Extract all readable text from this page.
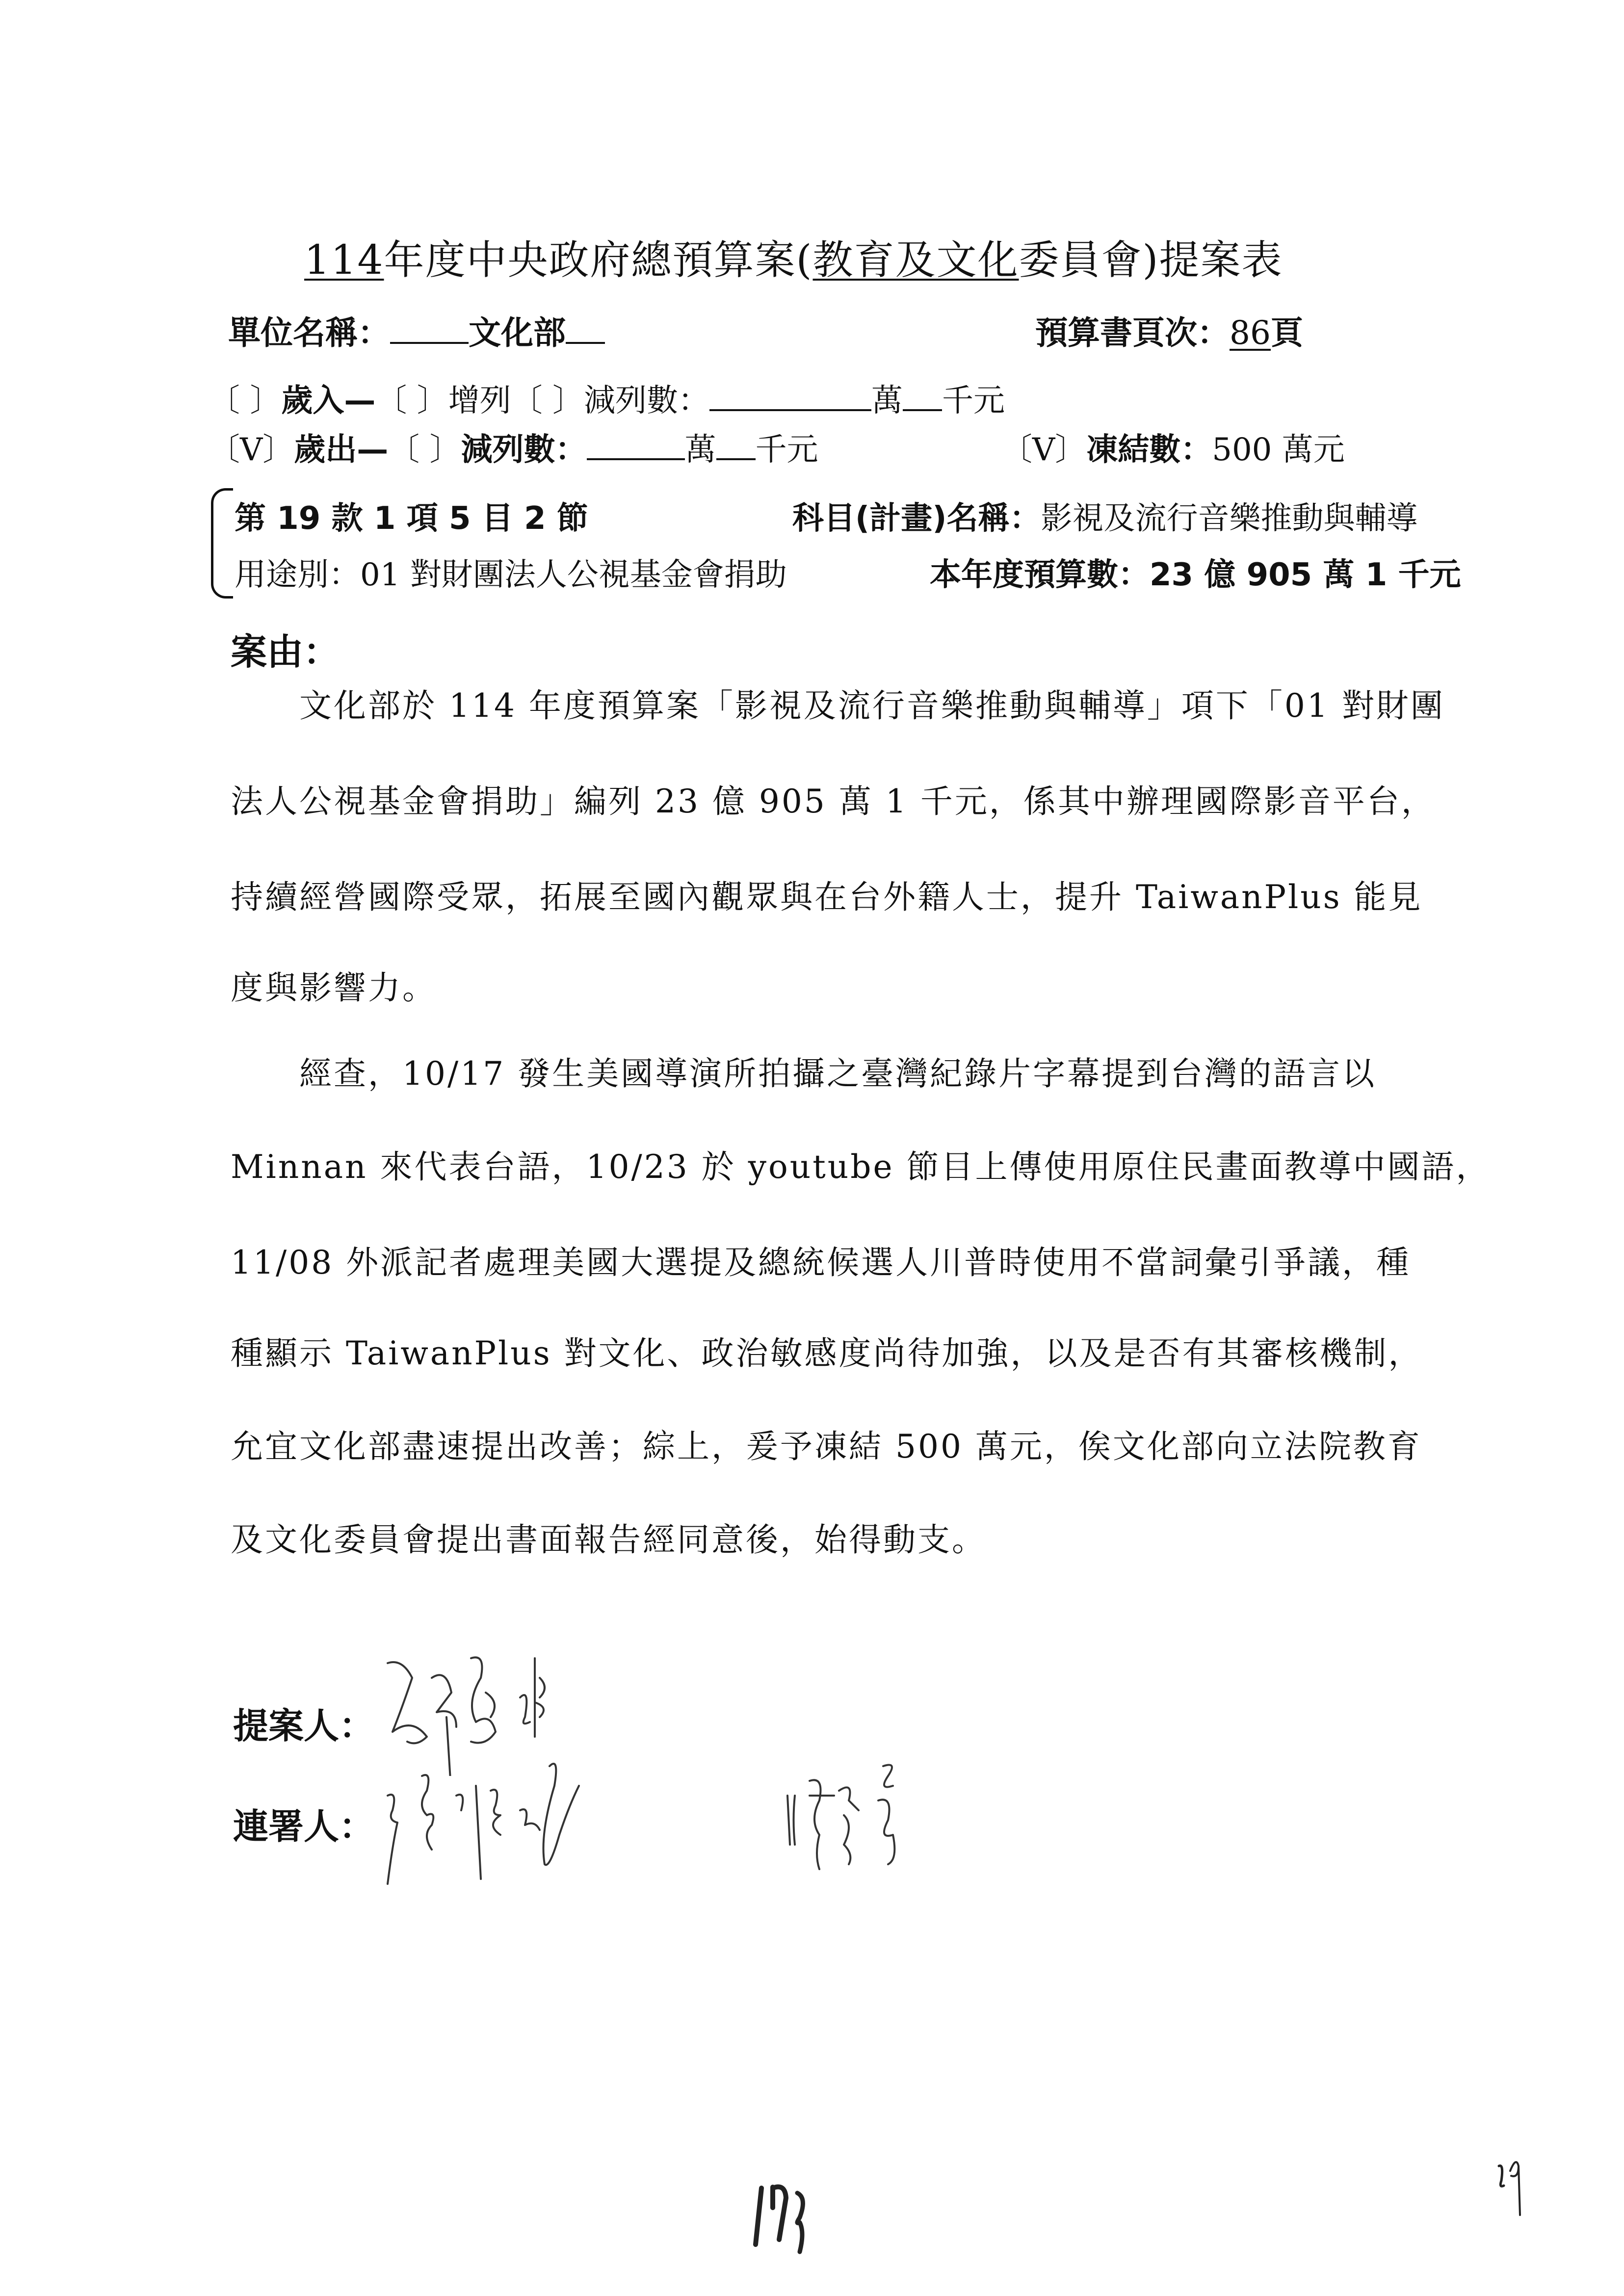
114年度中央政府總預算案(教育及文化委員會)提案表
單位名稱： 文化部	預算書頁次：86頁
〔 〕歲入—〔 〕增列〔 〕減列數：	萬 千元
〔V〕歲出—〔 〕減列數：	萬 千元	〔V〕凍結數：500 萬元
第 19 款 1 項 5 目 2 節	科目(計畫)名稱：影視及流行音樂推動與輔導
用途別：01 對財團法人公視基金會捐助	本年度預算數：23 億 905 萬 1 千元
案由：
文化部於 114 年度預算案「影視及流行音樂推動與輔導」項下「01 對財團
法人公視基金會捐助」編列 23 億 905 萬 1 千元，係其中辦理國際影音平台，
持續經營國際受眾，拓展至國內觀眾與在台外籍人士，提升 TaiwanPlus 能見
度與影響力。
經查，10/17 發生美國導演所拍攝之臺灣紀錄片字幕提到台灣的語言以
Minnan 來代表台語，10/23 於 youtube 節目上傳使用原住民畫面教導中國語，
11/08 外派記者處理美國大選提及總統候選人川普時使用不當詞彙引爭議，種
種顯示 TaiwanPlus 對文化、政治敏感度尚待加強，以及是否有其審核機制，
允宜文化部盡速提出改善；綜上，爰予凍結 500 萬元，俟文化部向立法院教育
及文化委員會提出書面報告經同意後，始得動支。
提案人：
連署人：
